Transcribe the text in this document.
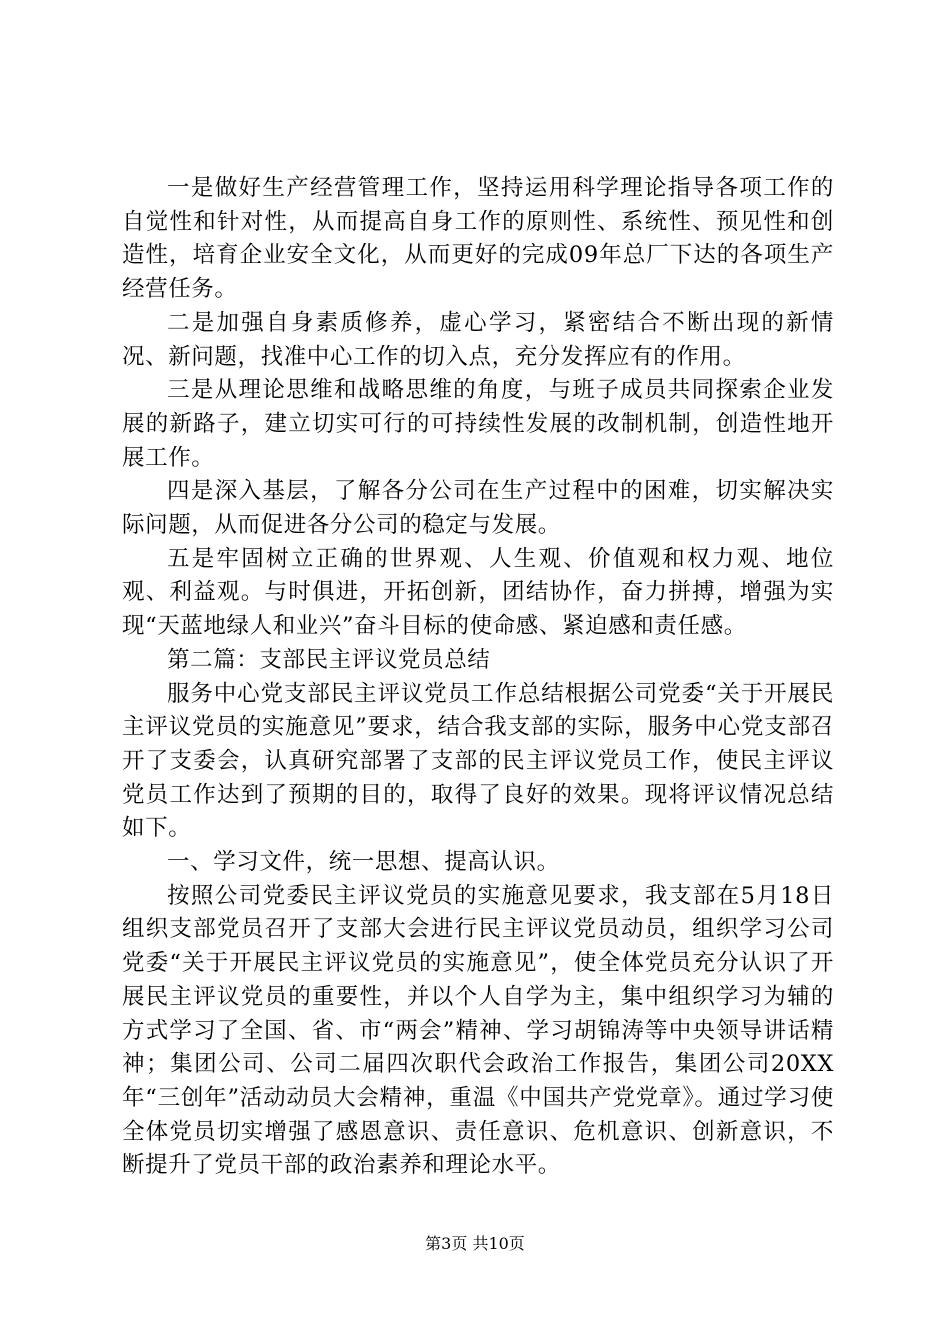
一是做好生产经营管理工作，坚持运用科学理论指导各项工作的自觉性和针对性，从而提高自身工作的原则性、系统性、预见性和创造性，培育企业安全文化，从而更好的完成09年总厂下达的各项生产经营任务。

二是加强自身素质修养，虚心学习，紧密结合不断出现的新情况、新问题，找准中心工作的切入点，充分发挥应有的作用。

三是从理论思维和战略思维的角度，与班子成员共同探索企业发展的新路子，建立切实可行的可持续性发展的改制机制，创造性地开展工作。

四是深入基层，了解各分公司在生产过程中的困难，切实解决实际问题，从而促进各分公司的稳定与发展。

五是牢固树立正确的世界观、人生观、价值观和权力观、地位观、利益观。与时俱进，开拓创新，团结协作，奋力拼搏，增强为实现“天蓝地绿人和业兴”奋斗目标的使命感、紧迫感和责任感。

第二篇：支部民主评议党员总结

服务中心党支部民主评议党员工作总结根据公司党委“关于开展民主评议党员的实施意见”要求，结合我支部的实际，服务中心党支部召开了支委会，认真研究部署了支部的民主评议党员工作，使民主评议党员工作达到了预期的目的，取得了良好的效果。现将评议情况总结如下。

一、学习文件，统一思想、提高认识。

按照公司党委民主评议党员的实施意见要求，我支部在5月18日组织支部党员召开了支部大会进行民主评议党员动员，组织学习公司党委“关于开展民主评议党员的实施意见”，使全体党员充分认识了开展民主评议党员的重要性，并以个人自学为主，集中组织学习为辅的方式学习了全国、省、市“两会”精神、学习胡锦涛等中央领导讲话精神；集团公司、公司二届四次职代会政治工作报告，集团公司20XX年“三创年”活动动员大会精神，重温《中国共产党党章》。通过学习使全体党员切实增强了感恩意识、责任意识、危机意识、创新意识，不断提升了党员干部的政治素养和理论水平。

第3页 共10页
